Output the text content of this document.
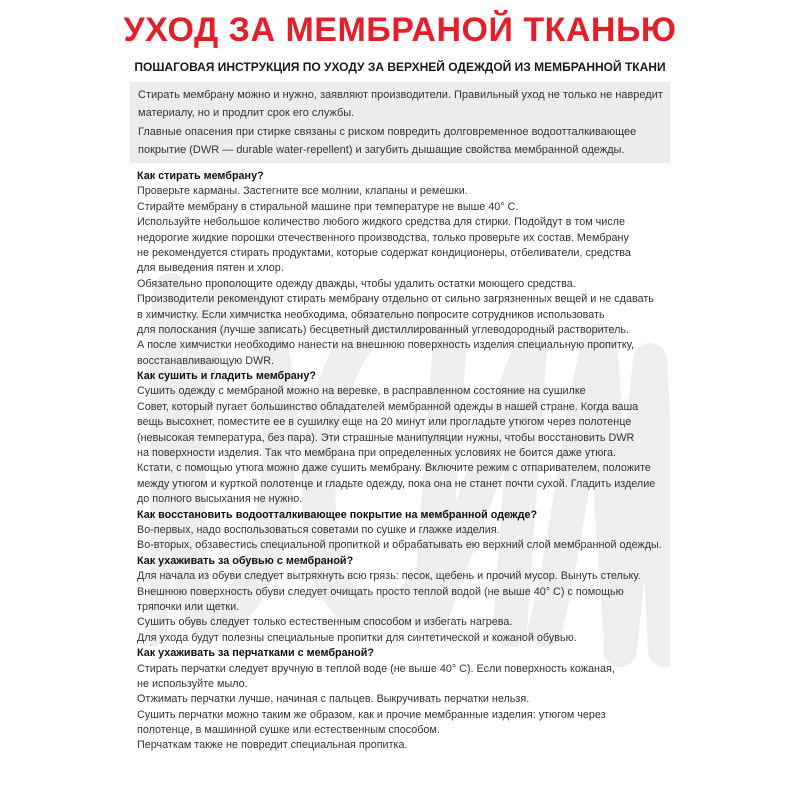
УХОД ЗА МЕМБРАНОЙ ТКАНЬЮ
ПОШАГОВАЯ ИНСТРУКЦИЯ ПО УХОДУ ЗА ВЕРХНЕЙ ОДЕЖДОЙ ИЗ МЕМБРАННОЙ ТКАНИ
Стирать мембрану можно и нужно, заявляют производители. Правильный уход не только не навредит
материалу, но и продлит срок его службы.
Главные опасения при стирке связаны с риском повредить долговременное водоотталкивающее
покрытие (DWR — durable water-repellent) и загубить дышащие свойства мембранной одежды.
Как стирать мембрану?
Проверьте карманы. Застегните все молнии, клапаны и ремешки.
Стирайте мембрану в стиральной машине при температуре не выше 40° С.
Используйте небольшое количество любого жидкого средства для стирки. Подойдут в том числе
недорогие жидкие порошки отечественного производства, только проверьте их состав. Мембрану
не рекомендуется стирать продуктами, которые содержат кондиционеры, отбеливатели, средства
для выведения пятен и хлор.
Обязательно прополощите одежду дважды, чтобы удалить остатки моющего средства.
Производители рекомендуют стирать мембрану отдельно от сильно загрязненных вещей и не сдавать
в химчистку. Если химчистка необходима, обязательно попросите сотрудников использовать
для полоскания (лучше записать) бесцветный дистиллированный углеводородный растворитель.
А после химчистки необходимо нанести на внешнюю поверхность изделия специальную пропитку,
восстанавливающую DWR.
Как сушить и гладить мембрану?
Сушить одежду с мембраной можно на веревке, в расправленном состояние на сушилке
Совет, который пугает большинство обладателей мембранной одежды в нашей стране. Когда ваша
вещь высохнет, поместите ее в сушилку еще на 20 минут или прогладьте утюгом через полотенце
(невысокая температура, без пара). Эти страшные манипуляции нужны, чтобы восстановить DWR
на поверхности изделия. Так что мембрана при определенных условиях не боится даже утюга.
Кстати, с помощью утюга можно даже сушить мембрану. Включите режим с отпаривателем, положите
между утюгом и курткой полотенце и гладьте одежду, пока она не станет почти сухой. Гладить изделие
до полного высыхания не нужно.
Как восстановить водоотталкивающее покрытие на мембранной одежде?
Во-первых, надо воспользоваться советами по сушке и глажке изделия.
Во-вторых, обзавестись специальной пропиткой и обрабатывать ею верхний слой мембранной одежды.
Как ухаживать за обувью с мембраной?
Для начала из обуви следует вытряхнуть всю грязь: песок, щебень и прочий мусор. Вынуть стельку.
Внешнюю поверхность обуви следует очищать просто теплой водой (не выше 40° С) с помощью
тряпочки или щетки.
Сушить обувь следует только естественным способом и избегать нагрева.
Для ухода будут полезны специальные пропитки для синтетической и кожаной обувью.
Как ухаживать за перчатками с мембраной?
Стирать перчатки следует вручную в теплой воде (не выше 40° С). Если поверхность кожаная,
не используйте мыло.
Отжимать перчатки лучше, начиная с пальцев. Выкручивать перчатки нельзя.
Сушить перчатки можно таким же образом, как и прочие мембранные изделия: утюгом через
полотенце, в машинной сушке или естественным способом.
Перчаткам также не повредит специальная пропитка.
